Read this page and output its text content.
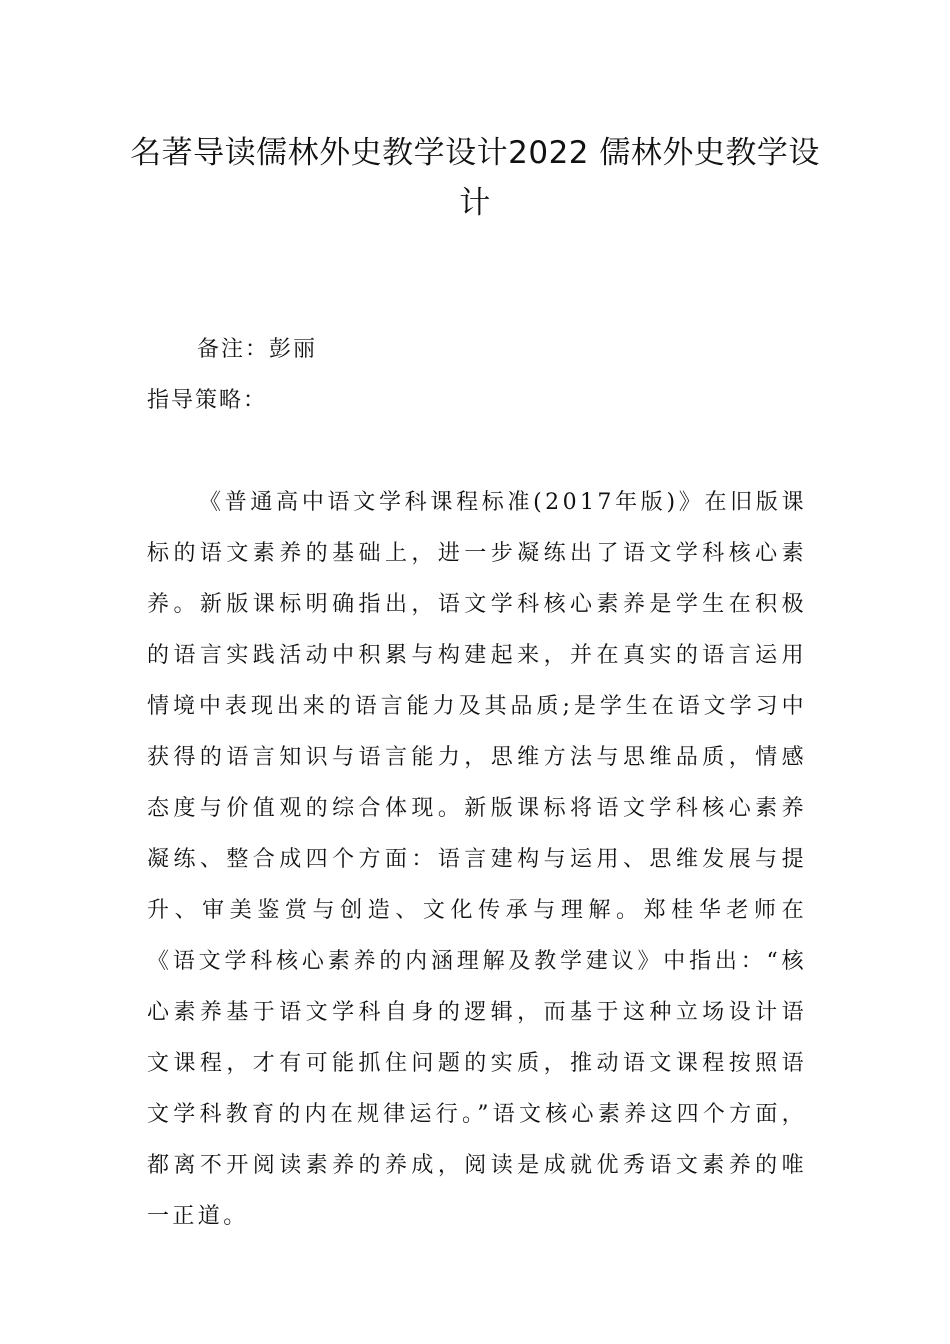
名著导读儒林外史教学设计2022 儒林外史教学设计

备注：彭丽

指导策略：

《普通高中语文学科课程标准(2017年版)》在旧版课标的语文素养的基础上，进一步凝练出了语文学科核心素养。新版课标明确指出，语文学科核心素养是学生在积极的语言实践活动中积累与构建起来，并在真实的语言运用情境中表现出来的语言能力及其品质;是学生在语文学习中获得的语言知识与语言能力，思维方法与思维品质，情感态度与价值观的综合体现。新版课标将语文学科核心素养凝练、整合成四个方面：语言建构与运用、思维发展与提升、审美鉴赏与创造、文化传承与理解。郑桂华老师在《语文学科核心素养的内涵理解及教学建议》中指出：“核心素养基于语文学科自身的逻辑，而基于这种立场设计语文课程，才有可能抓住问题的实质，推动语文课程按照语文学科教育的内在规律运行。”语文核心素养这四个方面，都离不开阅读素养的养成，阅读是成就优秀语文素养的唯一正道。
